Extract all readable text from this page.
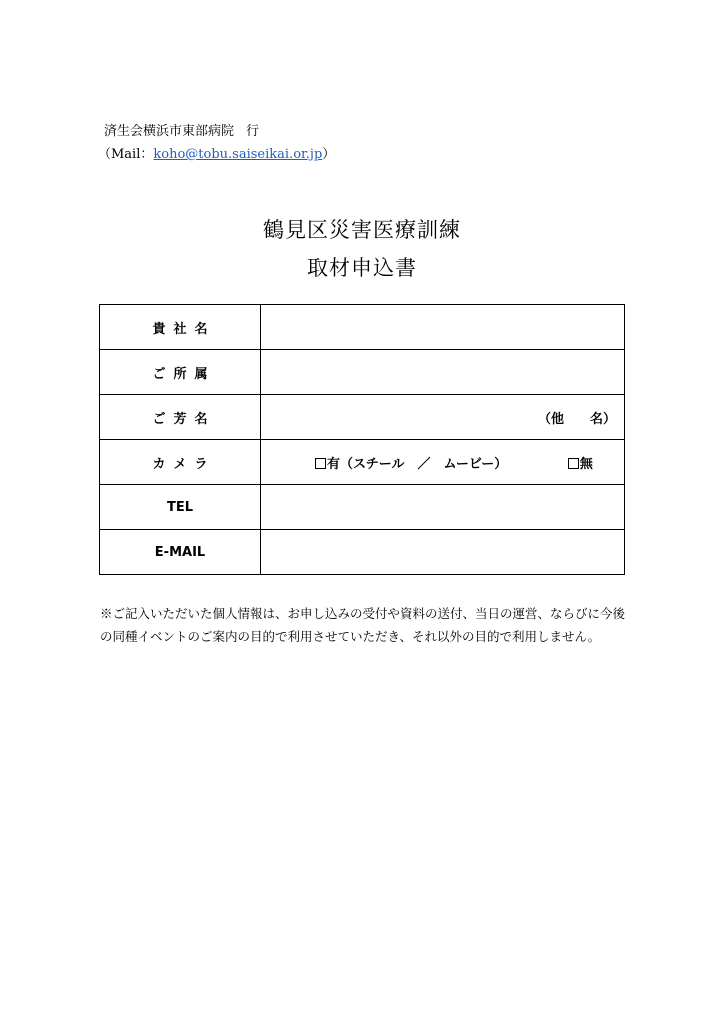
済生会横浜市東部病院 行
（Mail：koho@tobu.saiseikai.or.jp）
鶴見区災害医療訓練
取材申込書
貴社名	
ご所属	
ご芳名	（他　　名）
カメラ	有（スチール　／　ムービー） 無
TEL	
E-MAIL	
※ご記入いただいた個人情報は、お申し込みの受付や資料の送付、当日の運営、ならびに今後の同種イベントのご案内の目的で利用させていただき、それ以外の目的で利用しません。
